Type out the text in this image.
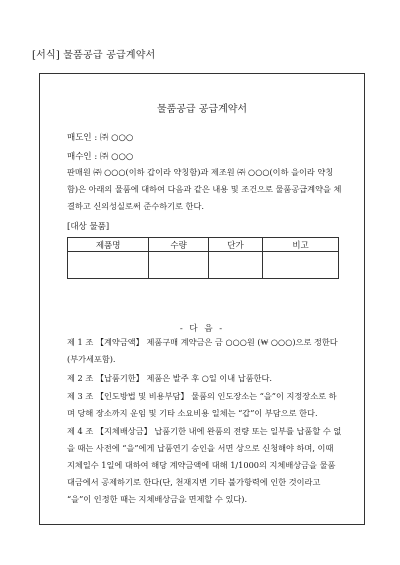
[서식] 물품공급 공급계약서
물품공급 공급계약서
매도인 : ㈜ ○○○
매수인 : ㈜ ○○○
판매원 ㈜ ○○○(이하 갑이라 약칭함)과 제조원 ㈜ ○○○(이하 을이라 약칭함)은 아래의 물품에 대하여 다음과 같은 내용 및 조건으로 물품공급계약을 체결하고 신의성실로써 준수하기로 한다.
[대상 물품]
제품명	수량	단가	비고

- 다 음 -
제 1 조 【계약금액】 제품구매 계약금은 금 ○○○원 (₩ ○○○)으로 정한다(부가세포함).
제 2 조 【납품기한】 제품은 발주 후 ○일 이내 납품한다.
제 3 조 【인도방법 및 비용부담】 물품의 인도장소는 “을”이 지정장소로 하며 당해 장소까지 운임 및 기타 소요비용 일체는 “갑”이 부담으로 한다.
제 4 조 【지체배상금】 납품기한 내에 완품의 전량 또는 일부를 납품할 수 없을 때는 사전에 “을”에게 납품연기 승인을 서면 상으로 신청해야 하며, 이때 지체일수 1일에 대하여 해당 계약금액에 대해 1/1000의 지체배상금을 물품대금에서 공제하기로 한다(단, 천재지변 기타 불가항력에 인한 것이라고 “을”이 인정한 때는 지체배상금을 면제할 수 있다).
